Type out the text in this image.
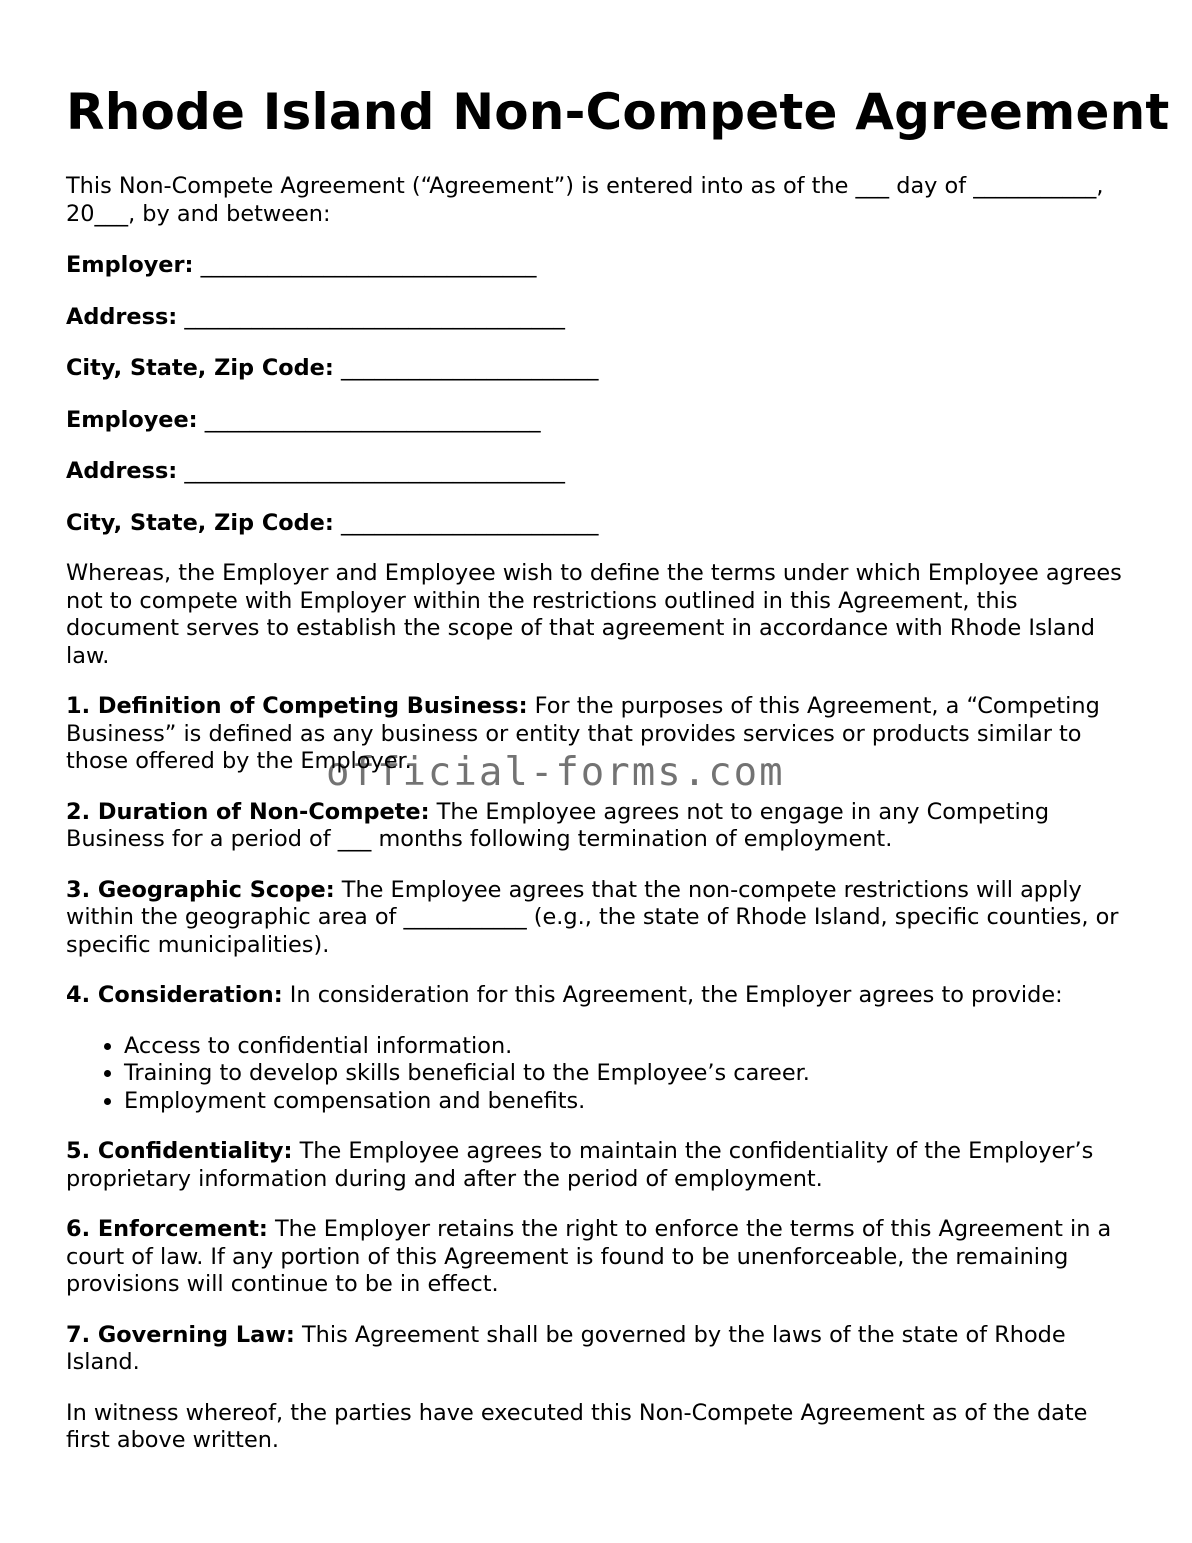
Rhode Island Non-Compete Agreement

This Non-Compete Agreement (“Agreement”) is entered into as of the ___ day of ___________, 20___, by and between:

Employer: ______________________________

Address: __________________________________

City, State, Zip Code: _______________________

Employee: ______________________________

Address: __________________________________

City, State, Zip Code: _______________________

Whereas, the Employer and Employee wish to define the terms under which Employee agrees not to compete with Employer within the restrictions outlined in this Agreement, this document serves to establish the scope of that agreement in accordance with Rhode Island law.

1. Definition of Competing Business: For the purposes of this Agreement, a “Competing Business” is defined as any business or entity that provides services or products similar to those offered by the Employer.

2. Duration of Non-Compete: The Employee agrees not to engage in any Competing Business for a period of ___ months following termination of employment.

3. Geographic Scope: The Employee agrees that the non-compete restrictions will apply within the geographic area of ___________ (e.g., the state of Rhode Island, specific counties, or specific municipalities).

4. Consideration: In consideration for this Agreement, the Employer agrees to provide:

• Access to confidential information.
• Training to develop skills beneficial to the Employee’s career.
• Employment compensation and benefits.

5. Confidentiality: The Employee agrees to maintain the confidentiality of the Employer’s proprietary information during and after the period of employment.

6. Enforcement: The Employer retains the right to enforce the terms of this Agreement in a court of law. If any portion of this Agreement is found to be unenforceable, the remaining provisions will continue to be in effect.

7. Governing Law: This Agreement shall be governed by the laws of the state of Rhode Island.

In witness whereof, the parties have executed this Non-Compete Agreement as of the date first above written.

official-forms.com
